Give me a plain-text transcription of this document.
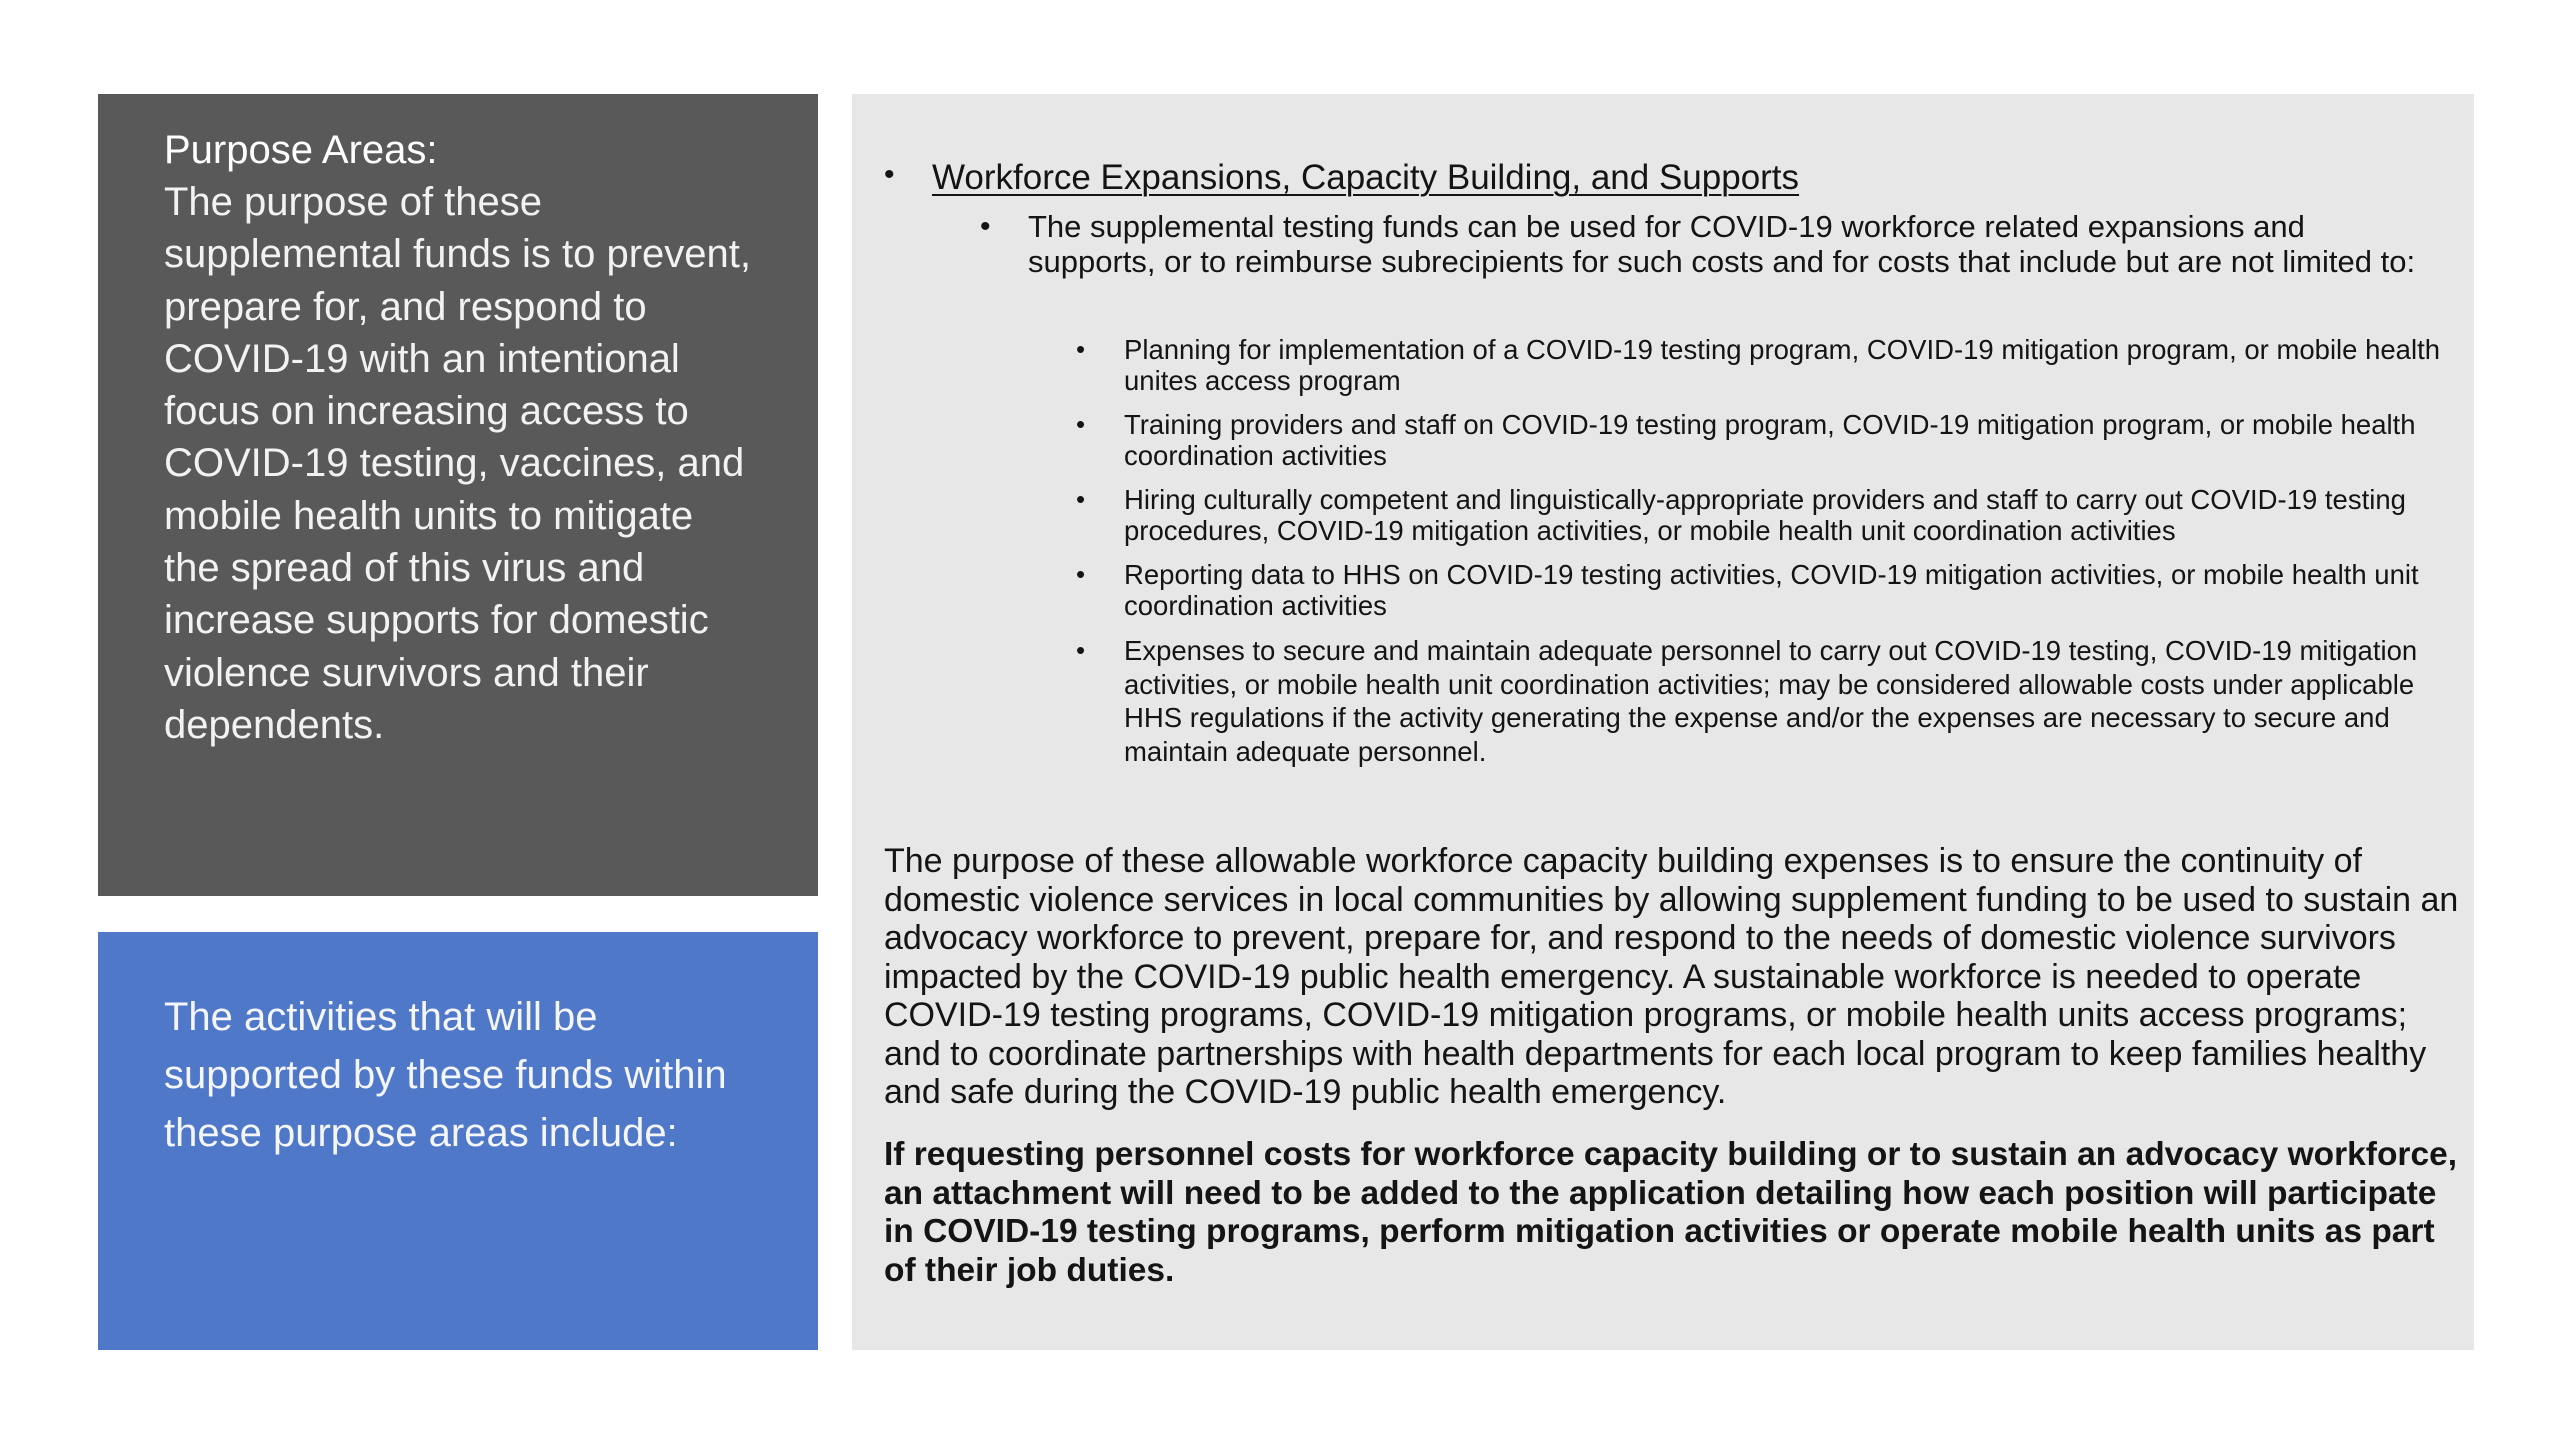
Purpose Areas:

The purpose of these supplemental funds is to prevent, prepare for, and respond to COVID-19 with an intentional focus on increasing access to COVID-19 testing, vaccines, and mobile health units to mitigate the spread of this virus and increase supports for domestic violence survivors and their dependents.

The activities that will be supported by these funds within these purpose areas include:

• Workforce Expansions, Capacity Building, and Supports
• The supplemental testing funds can be used for COVID-19 workforce related expansions and supports, or to reimburse subrecipients for such costs and for costs that include but are not limited to:
• Planning for implementation of a COVID-19 testing program, COVID-19 mitigation program, or mobile health unites access program
• Training providers and staff on COVID-19 testing program, COVID-19 mitigation program, or mobile health coordination activities
• Hiring culturally competent and linguistically-appropriate providers and staff to carry out COVID-19 testing procedures, COVID-19 mitigation activities, or mobile health unit coordination activities
• Reporting data to HHS on COVID-19 testing activities, COVID-19 mitigation activities, or mobile health unit coordination activities
• Expenses to secure and maintain adequate personnel to carry out COVID-19 testing, COVID-19 mitigation activities, or mobile health unit coordination activities; may be considered allowable costs under applicable HHS regulations if the activity generating the expense and/or the expenses are necessary to secure and maintain adequate personnel.

The purpose of these allowable workforce capacity building expenses is to ensure the continuity of domestic violence services in local communities by allowing supplement funding to be used to sustain an advocacy workforce to prevent, prepare for, and respond to the needs of domestic violence survivors impacted by the COVID-19 public health emergency. A sustainable workforce is needed to operate COVID-19 testing programs, COVID-19 mitigation programs, or mobile health units access programs; and to coordinate partnerships with health departments for each local program to keep families healthy and safe during the COVID-19 public health emergency.

If requesting personnel costs for workforce capacity building or to sustain an advocacy workforce, an attachment will need to be added to the application detailing how each position will participate in COVID-19 testing programs, perform mitigation activities or operate mobile health units as part of their job duties.
